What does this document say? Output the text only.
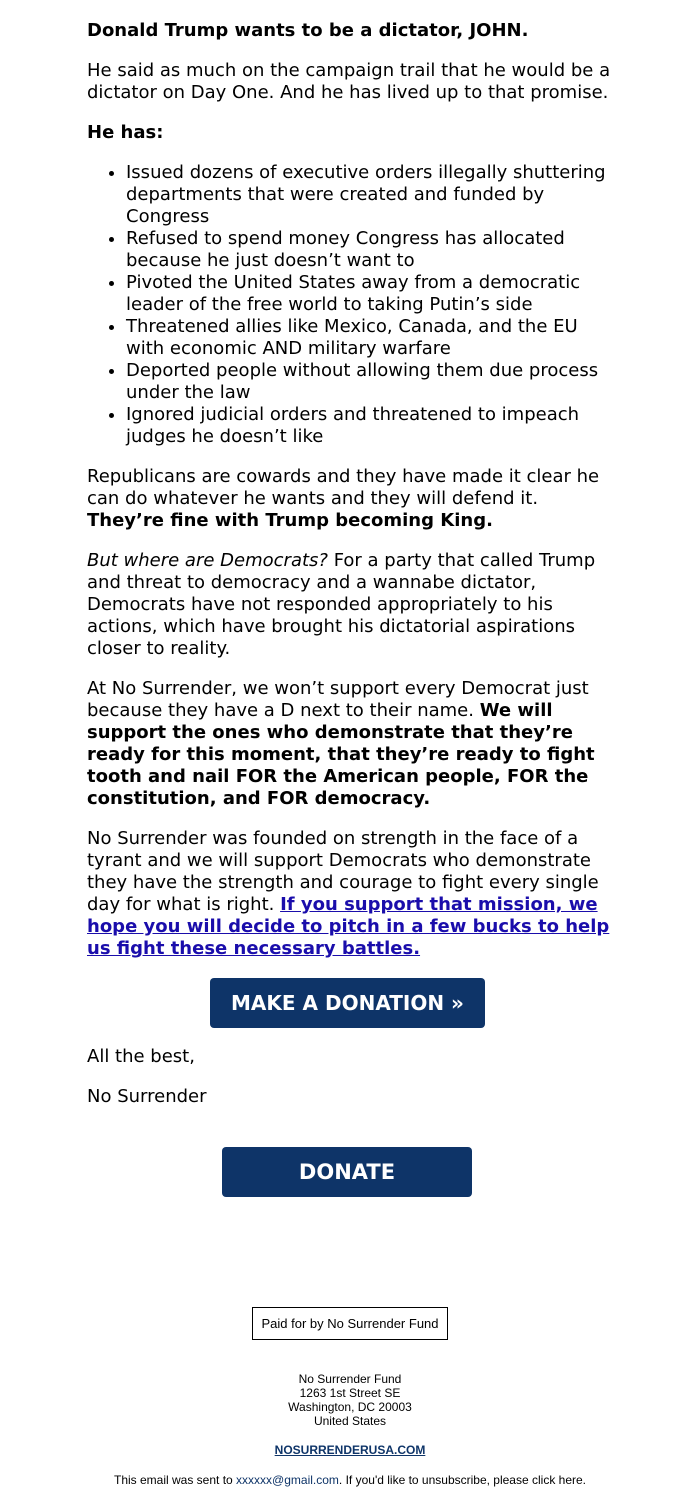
Donald Trump wants to be a dictator, JOHN.

He said as much on the campaign trail that he would be a dictator on Day One. And he has lived up to that promise.

He has:

• Issued dozens of executive orders illegally shuttering departments that were created and funded by Congress
• Refused to spend money Congress has allocated because he just doesn’t want to
• Pivoted the United States away from a democratic leader of the free world to taking Putin’s side
• Threatened allies like Mexico, Canada, and the EU with economic AND military warfare
• Deported people without allowing them due process under the law
• Ignored judicial orders and threatened to impeach judges he doesn’t like

Republicans are cowards and they have made it clear he can do whatever he wants and they will defend it. They’re fine with Trump becoming King.

But where are Democrats? For a party that called Trump and threat to democracy and a wannabe dictator, Democrats have not responded appropriately to his actions, which have brought his dictatorial aspirations closer to reality.

At No Surrender, we won’t support every Democrat just because they have a D next to their name. We will support the ones who demonstrate that they’re ready for this moment, that they’re ready to fight tooth and nail FOR the American people, FOR the constitution, and FOR democracy.

No Surrender was founded on strength in the face of a tyrant and we will support Democrats who demonstrate they have the strength and courage to fight every single day for what is right. If you support that mission, we hope you will decide to pitch in a few bucks to help us fight these necessary battles.

MAKE A DONATION »
All the best,
No Surrender
DONATE
Paid for by No Surrender Fund
No Surrender Fund
1263 1st Street SE
Washington, DC 20003
United States
NOSURRENDERUSA.COM
This email was sent to xxxxxx@gmail.com. If you'd like to unsubscribe, please click here.
